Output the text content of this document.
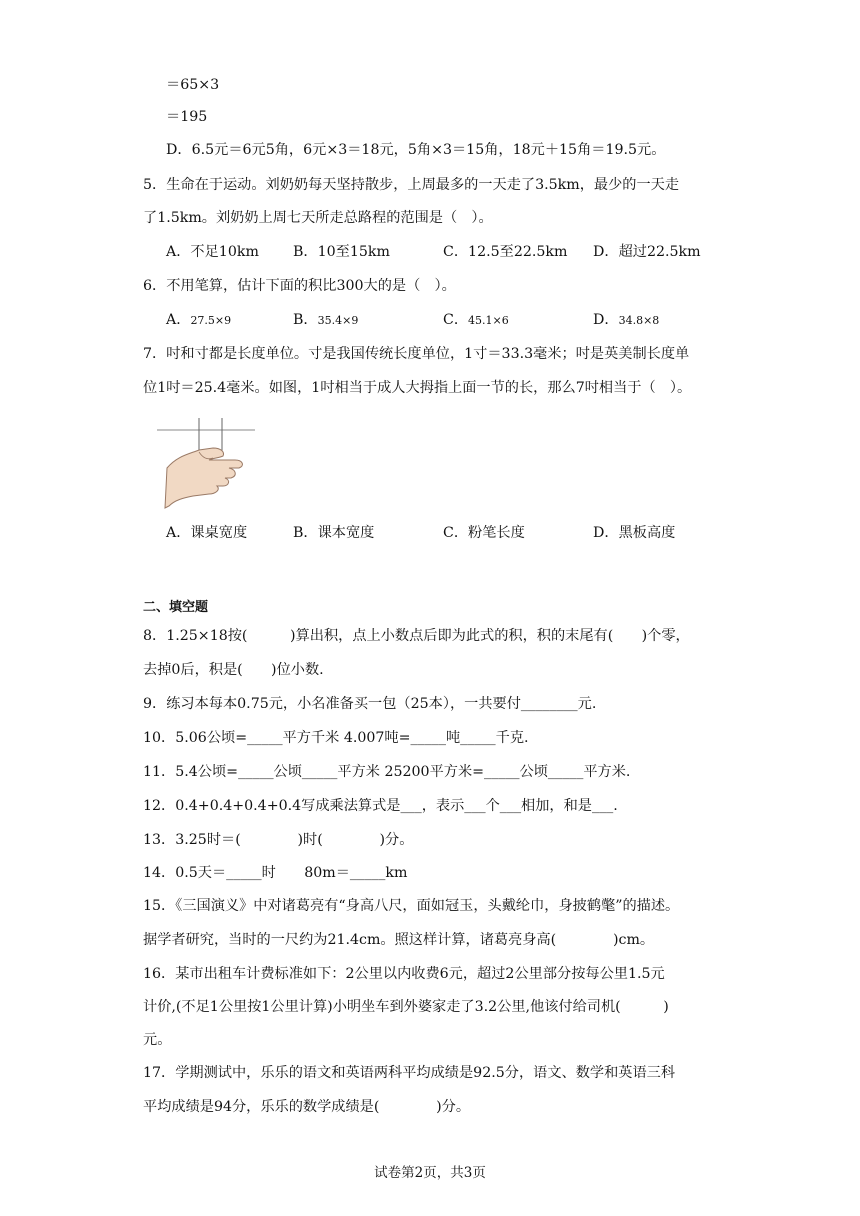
＝65×3
＝195
D．6.5元＝6元5角，6元×3＝18元，5角×3＝15角，18元＋15角＝19.5元。
5．生命在于运动。刘奶奶每天坚持散步，上周最多的一天走了3.5km，最少的一天走
了1.5km。刘奶奶上周七天所走总路程的范围是（　）。
A．不足10km B．10至15km	C．12.5至22.5km D．超过22.5km
6．不用笔算，估计下面的积比300大的是（　）。
A．27.5×9	B．35.4×9	C．45.1×6	D．34.8×8
7．吋和寸都是长度单位。寸是我国传统长度单位，1寸＝33.3毫米；吋是英美制长度单
位1吋＝25.4毫米。如图，1吋相当于成人大拇指上面一节的长，那么7吋相当于（　）。
A．课桌宽度	B．课本宽度	C．粉笔长度	D．黑板高度
二、填空题
8．1.25×18按(　　　)算出积，点上小数点后即为此式的积，积的末尾有(　　)个零，
去掉0后，积是(　　)位小数.
9．练习本每本0.75元，小名准备买一包（25本），一共要付________元.
10．5.06公顷=_____平方千米 4.007吨=_____吨_____千克.
11．5.4公顷=_____公顷_____平方米 25200平方米=_____公顷_____平方米.
12．0.4+0.4+0.4+0.4写成乘法算式是___，表示___个___相加，和是___.
13．3.25时＝(　　　　)时(　　　　)分。
14．0.5天＝_____时　　80m＝_____km
15．《三国演义》中对诸葛亮有“身高八尺，面如冠玉，头戴纶巾，身披鹤氅”的描述。
据学者研究，当时的一尺约为21.4cm。照这样计算，诸葛亮身高(　　　　)cm。
16．某市出租车计费标准如下：2公里以内收费6元，超过2公里部分按每公里1.5元
计价,(不足1公里按1公里计算)小明坐车到外婆家走了3.2公里,他该付给司机(　　　)
元。
17．学期测试中，乐乐的语文和英语两科平均成绩是92.5分，语文、数学和英语三科
平均成绩是94分，乐乐的数学成绩是(　　　　)分。
试卷第2页，共3页
